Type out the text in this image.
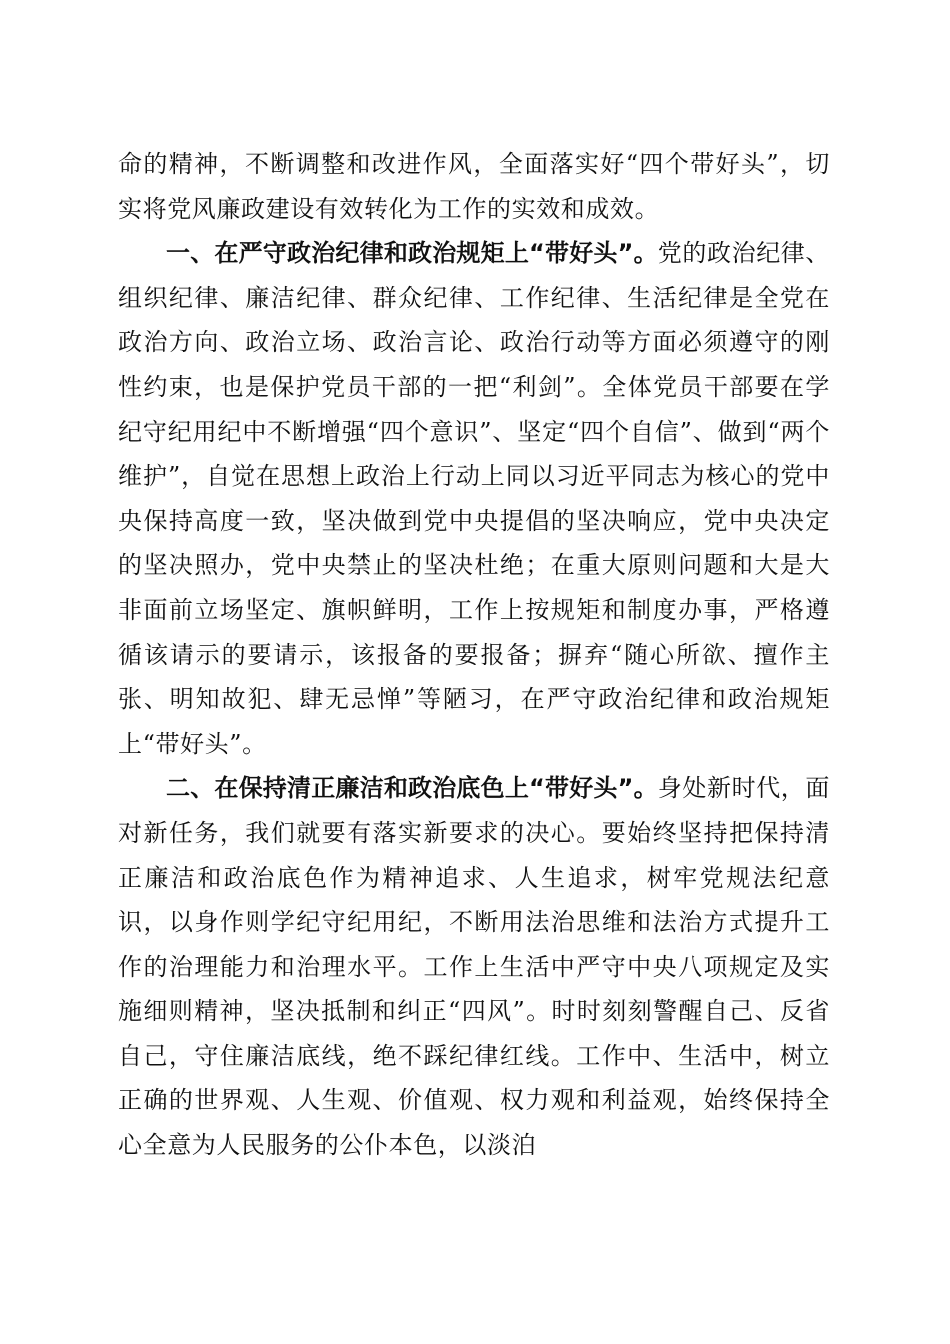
命的精神，不断调整和改进作风，全面落实好“四个带好头”，切实将党风廉政建设有效转化为工作的实效和成效。

一、在严守政治纪律和政治规矩上“带好头”。党的政治纪律、组织纪律、廉洁纪律、群众纪律、工作纪律、生活纪律是全党在政治方向、政治立场、政治言论、政治行动等方面必须遵守的刚性约束，也是保护党员干部的一把“利剑”。全体党员干部要在学纪守纪用纪中不断增强“四个意识”、坚定“四个自信”、做到“两个维护”，自觉在思想上政治上行动上同以习近平同志为核心的党中央保持高度一致，坚决做到党中央提倡的坚决响应，党中央决定的坚决照办，党中央禁止的坚决杜绝；在重大原则问题和大是大非面前立场坚定、旗帜鲜明，工作上按规矩和制度办事，严格遵循该请示的要请示，该报备的要报备；摒弃“随心所欲、擅作主张、明知故犯、肆无忌惮”等陋习，在严守政治纪律和政治规矩上“带好头”。

二、在保持清正廉洁和政治底色上“带好头”。身处新时代，面对新任务，我们就要有落实新要求的决心。要始终坚持把保持清正廉洁和政治底色作为精神追求、人生追求，树牢党规法纪意识，以身作则学纪守纪用纪，不断用法治思维和法治方式提升工作的治理能力和治理水平。工作上生活中严守中央八项规定及实施细则精神，坚决抵制和纠正“四风”。时时刻刻警醒自己、反省自己，守住廉洁底线，绝不踩纪律红线。工作中、生活中，树立正确的世界观、人生观、价值观、权力观和利益观，始终保持全心全意为人民服务的公仆本色，以淡泊
